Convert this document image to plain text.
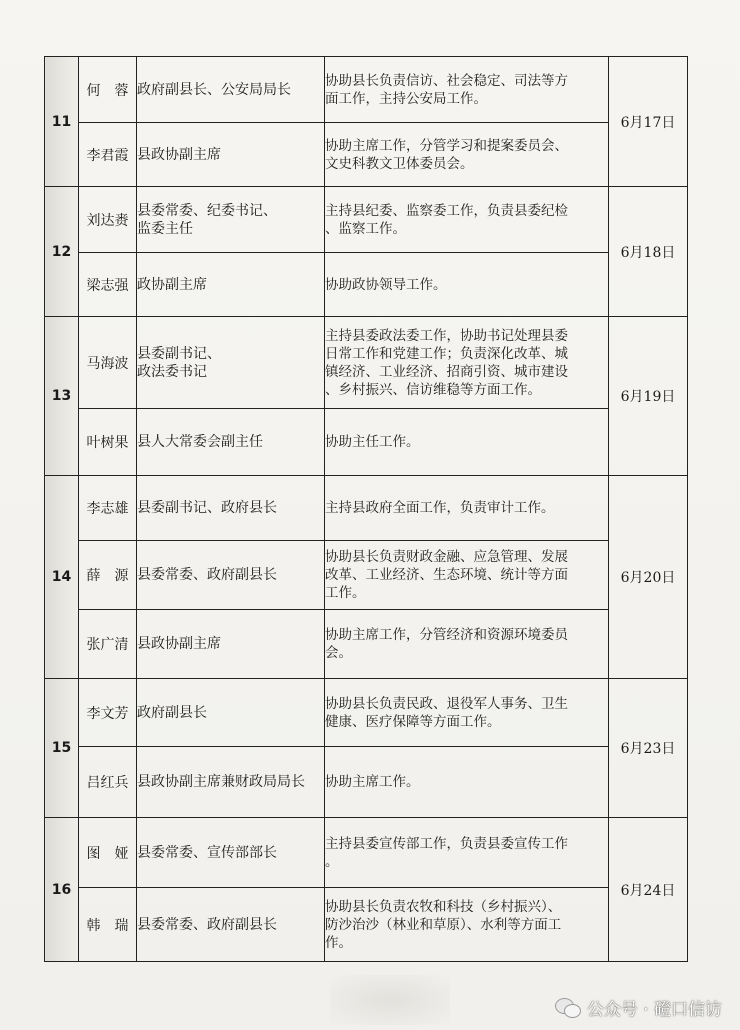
11	何　蓉	政府副县长、公安局局长	协助县长负责信访、社会稳定、司法等方
面工作，主持公安局工作。	6月17日
	李君霞	县政协副主席	协助主席工作，分管学习和提案委员会、
文史科教文卫体委员会。	

12	刘达赉	县委常委、纪委书记、
监委主任	主持县纪委、监察委工作，负责县委纪检
、监察工作。	6月18日
	梁志强	政协副主席	协助政协领导工作。	

13	马海波	县委副书记、
政法委书记	主持县委政法委工作，协助书记处理县委
日常工作和党建工作；负责深化改革、城
镇经济、工业经济、招商引资、城市建设
、乡村振兴、信访维稳等方面工作。	6月19日
	叶树果	县人大常委会副主任	协助主任工作。	

14	李志雄	县委副书记、政府县长	主持县政府全面工作，负责审计工作。	6月20日
	薛　源	县委常委、政府副县长	协助县长负责财政金融、应急管理、发展
改革、工业经济、生态环境、统计等方面
工作。	

	张广清	县政协副主席	协助主席工作，分管经济和资源环境委员
会。	

15	李文芳	政府副县长	协助县长负责民政、退役军人事务、卫生
健康、医疗保障等方面工作。	6月23日
	吕红兵	县政协副主席兼财政局局长	协助主席工作。	

16	图　娅	县委常委、宣传部部长	主持县委宣传部工作，负责县委宣传工作
。	6月24日
	韩　瑞	县委常委、政府副县长	协助县长负责农牧和科技（乡村振兴）、
防沙治沙（林业和草原）、水利等方面工
作。	
公众号 · 磴口信访
